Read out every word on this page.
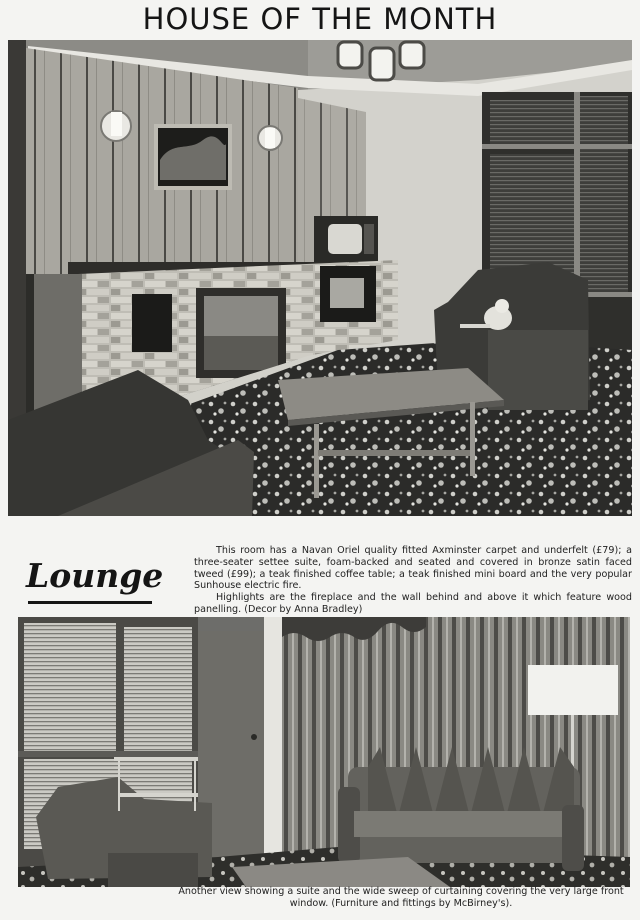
HOUSE OF THE MONTH
Lounge

This room has a Navan Oriel quality fitted Axminster carpet and underfelt (£79); a three-seater settee suite, foam-backed and seated and covered in bronze satin faced tweed (£99); a teak finished coffee table; a teak finished mini board and the very popular Sunhouse electric fire.

Highlights are the fireplace and the wall behind and above it which feature wood panelling. (Decor by Anna Bradley)

Another view showing a suite and the wide sweep of curtaining covering the very large front window. (Furniture and fittings by McBirney's).
